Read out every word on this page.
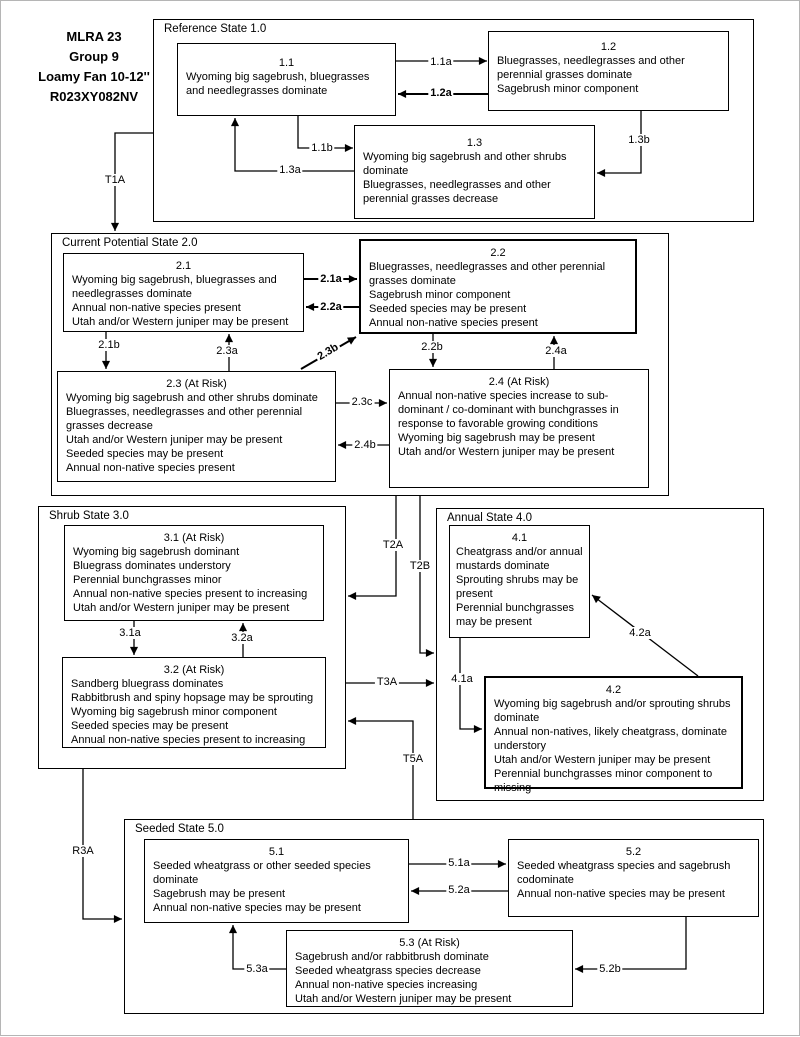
MLRA 23
Group 9
Loamy Fan 10-12''
R023XY082NV
Reference State 1.0
Current Potential State 2.0
Shrub State 3.0	Annual State 4.0
Seeded State 5.0
1.1
Wyoming big sagebrush, bluegrasses and needlegrasses dominate
1.2
Bluegrasses, needlegrasses and other perennial grasses dominate
Sagebrush minor component
1.3
Wyoming big sagebrush and other shrubs dominate
Bluegrasses, needlegrasses and other perennial grasses decrease
2.1
Wyoming big sagebrush, bluegrasses and needlegrasses dominate
Annual non-native species present
Utah and/or Western juniper may be present
2.2
Bluegrasses, needlegrasses and other perennial grasses dominate
Sagebrush minor component
Seeded species may be present
Annual non-native species present
2.3 (At Risk)
Wyoming big sagebrush and other shrubs dominate
Bluegrasses, needlegrasses and other perennial grasses decrease
Utah and/or Western juniper may be present
Seeded species may be present
Annual non-native species present
2.4 (At Risk)
Annual non-native species increase to sub-dominant / co-dominant with bunchgrasses in response to favorable growing conditions
Wyoming big sagebrush may be present
Utah and/or Western juniper may be present
3.1 (At Risk)
Wyoming big sagebrush dominant
Bluegrass dominates understory
Perennial bunchgrasses minor
Annual non-native species present to increasing
Utah and/or Western juniper may be present
3.2 (At Risk)
Sandberg bluegrass dominates
Rabbitbrush and spiny hopsage may be sprouting
Wyoming big sagebrush minor component
Seeded species may be present
Annual non-native species present to increasing
4.1
Cheatgrass and/or annual mustards dominate
Sprouting shrubs may be present
Perennial bunchgrasses may be present
4.2
Wyoming big sagebrush and/or sprouting shrubs dominate
Annual non-natives, likely cheatgrass, dominate understory
Utah and/or Western juniper may be present
Perennial bunchgrasses minor component to missing
5.1
Seeded wheatgrass or other seeded species dominate
Sagebrush may be present
Annual non-native species may be present
5.2
Seeded wheatgrass species and sagebrush codominate
Annual non-native species may be present
5.3 (At Risk)
Sagebrush and/or rabbitbrush dominate
Seeded wheatgrass species decrease
Annual non-native species increasing
Utah and/or Western juniper may be present
1.1a
1.2a
1.1b
1.3a
1.3b
T1A
2.1a
2.2a
2.1b	2.3a	2.3b	2.2b	2.4a
2.3c
2.4b
T2A
T2B
3.1a	3.2a
T3A	4.1a
4.2a
T5A
R3A
5.1a
5.2a
5.2b
5.3a
